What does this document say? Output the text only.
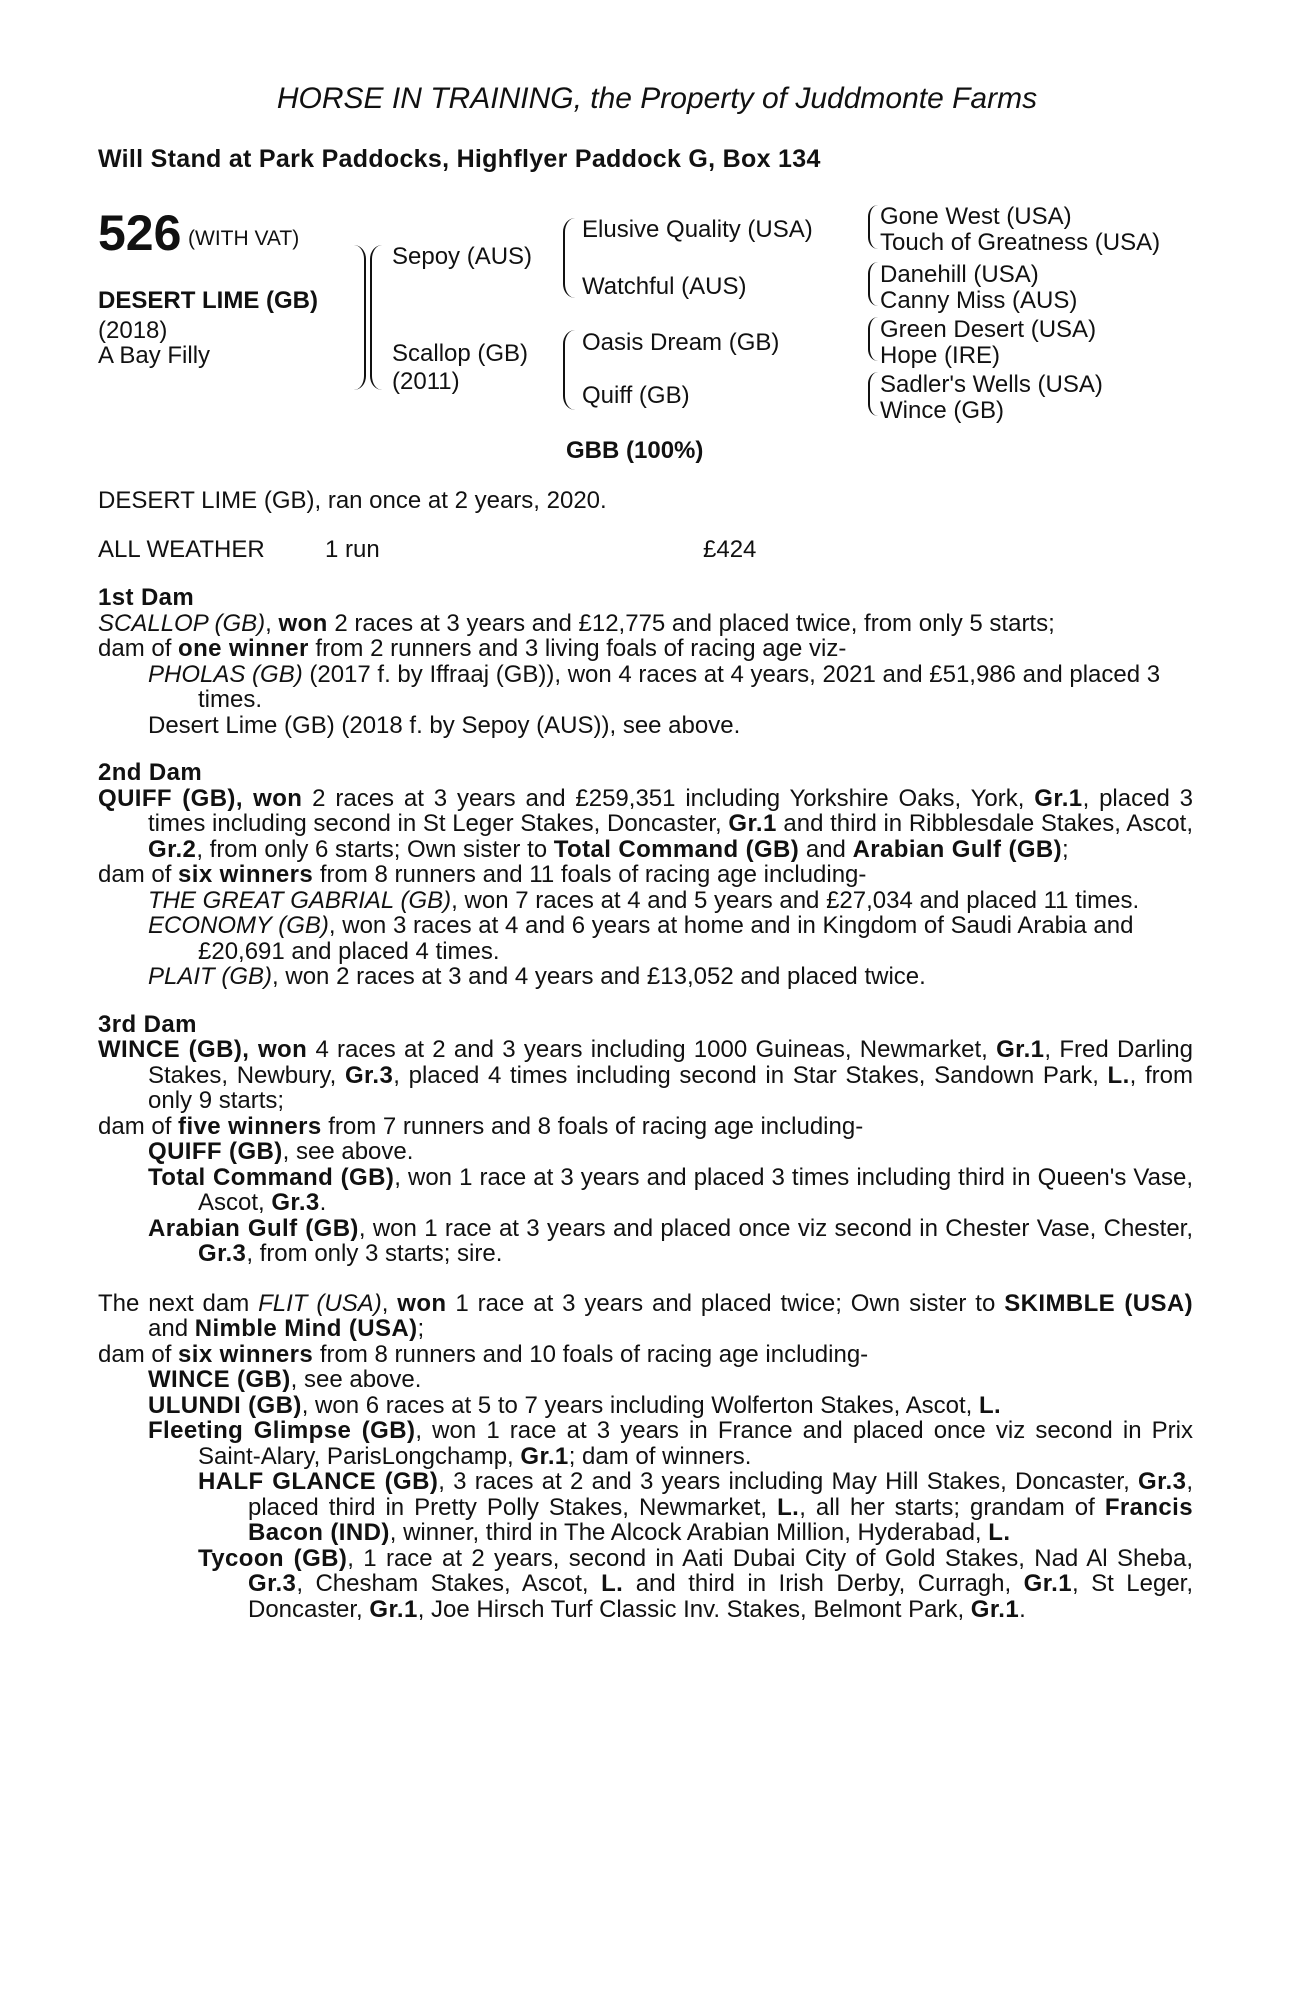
HORSE IN TRAINING, the Property of Juddmonte Farms
Will Stand at Park Paddocks, Highflyer Paddock G, Box 134
526 (WITH VAT)
DESERT LIME (GB)
(2018)
A Bay Filly
Sepoy (AUS)
Scallop (GB)
(2011)
Elusive Quality (USA)
Watchful (AUS)
Oasis Dream (GB)
Quiff (GB)
Gone West (USA)
Touch of Greatness (USA)
Danehill (USA)
Canny Miss (AUS)
Green Desert (USA)
Hope (IRE)
Sadler's Wells (USA)
Wince (GB)
GBB (100%)
DESERT LIME (GB), ran once at 2 years, 2020.
ALL WEATHER	1 run	£424

1st Dam

SCALLOP (GB), won 2 races at 3 years and £12,775 and placed twice, from only 5 starts;

dam of one winner from 2 runners and 3 living foals of racing age viz-

PHOLAS (GB) (2017 f. by Iffraaj (GB)), won 4 races at 4 years, 2021 and £51,986 and placed 3 times.

Desert Lime (GB) (2018 f. by Sepoy (AUS)), see above.

2nd Dam

QUIFF (GB), won 2 races at 3 years and £259,351 including Yorkshire Oaks, York, Gr.1, placed 3 times including second in St Leger Stakes, Doncaster, Gr.1 and third in Ribblesdale Stakes, Ascot, Gr.2, from only 6 starts; Own sister to Total Command (GB) and Arabian Gulf (GB);

dam of six winners from 8 runners and 11 foals of racing age including-

THE GREAT GABRIAL (GB), won 7 races at 4 and 5 years and £27,034 and placed 11 times.

ECONOMY (GB), won 3 races at 4 and 6 years at home and in Kingdom of Saudi Arabia and £20,691 and placed 4 times.

PLAIT (GB), won 2 races at 3 and 4 years and £13,052 and placed twice.

3rd Dam

WINCE (GB), won 4 races at 2 and 3 years including 1000 Guineas, Newmarket, Gr.1, Fred Darling Stakes, Newbury, Gr.3, placed 4 times including second in Star Stakes, Sandown Park, L., from only 9 starts;

dam of five winners from 7 runners and 8 foals of racing age including-

QUIFF (GB), see above.

Total Command (GB), won 1 race at 3 years and placed 3 times including third in Queen's Vase, Ascot, Gr.3.

Arabian Gulf (GB), won 1 race at 3 years and placed once viz second in Chester Vase, Chester, Gr.3, from only 3 starts; sire.

The next dam FLIT (USA), won 1 race at 3 years and placed twice; Own sister to SKIMBLE (USA) and Nimble Mind (USA);

dam of six winners from 8 runners and 10 foals of racing age including-

WINCE (GB), see above.

ULUNDI (GB), won 6 races at 5 to 7 years including Wolferton Stakes, Ascot, L.

Fleeting Glimpse (GB), won 1 race at 3 years in France and placed once viz second in Prix Saint-Alary, ParisLongchamp, Gr.1; dam of winners.

HALF GLANCE (GB), 3 races at 2 and 3 years including May Hill Stakes, Doncaster, Gr.3, placed third in Pretty Polly Stakes, Newmarket, L., all her starts; grandam of Francis Bacon (IND), winner, third in The Alcock Arabian Million, Hyderabad, L.

Tycoon (GB), 1 race at 2 years, second in Aati Dubai City of Gold Stakes, Nad Al Sheba, Gr.3, Chesham Stakes, Ascot, L. and third in Irish Derby, Curragh, Gr.1, St Leger, Doncaster, Gr.1, Joe Hirsch Turf Classic Inv. Stakes, Belmont Park, Gr.1.
